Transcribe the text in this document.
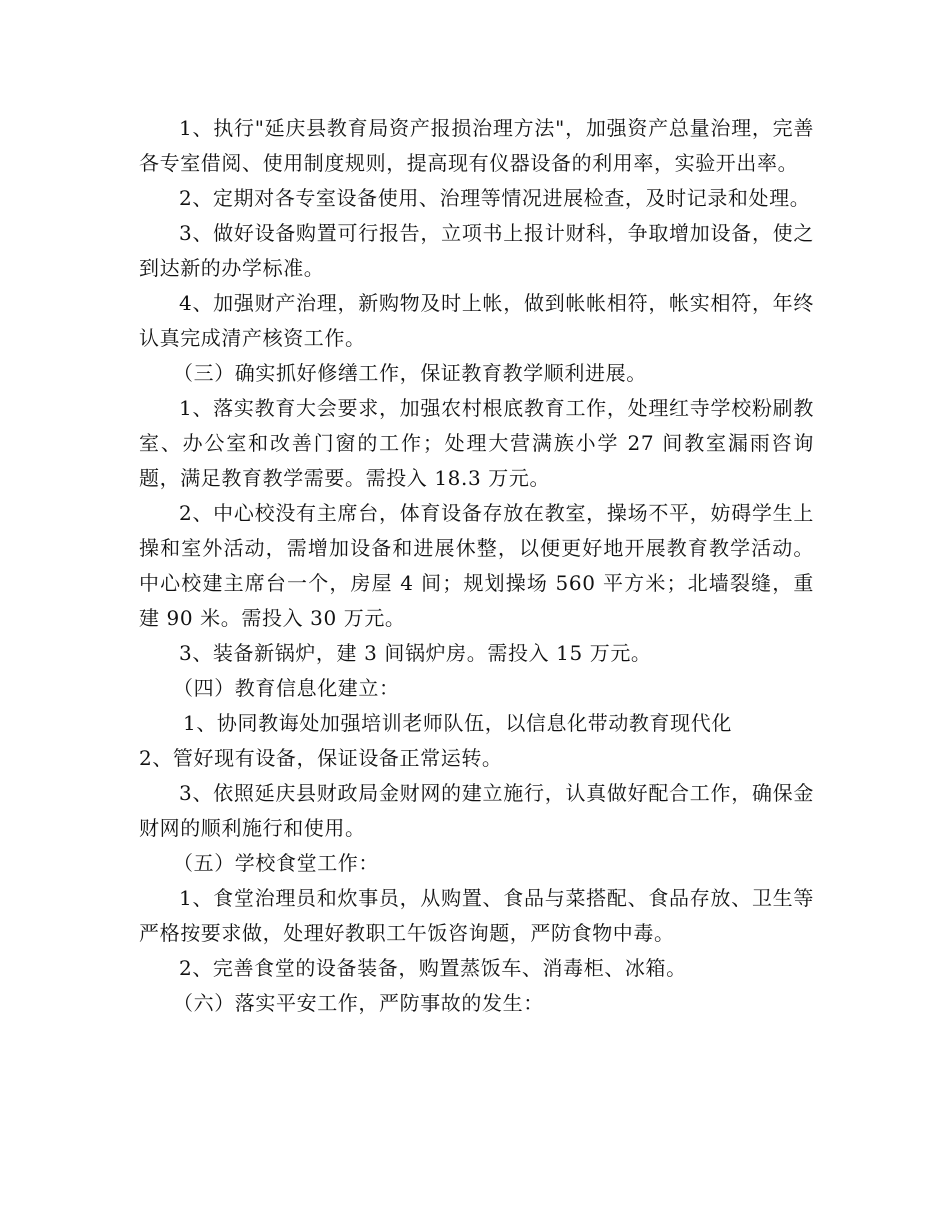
1、执行"延庆县教育局资产报损治理方法"，加强资产总量治理，完善各专室借阅、使用制度规则，提高现有仪器设备的利用率，实验开出率。

2、定期对各专室设备使用、治理等情况进展检查，及时记录和处理。

3、做好设备购置可行报告，立项书上报计财科，争取增加设备，使之到达新的办学标准。

4、加强财产治理，新购物及时上帐，做到帐帐相符，帐实相符，年终认真完成清产核资工作。

（三）确实抓好修缮工作，保证教育教学顺利进展。

1、落实教育大会要求，加强农村根底教育工作，处理红寺学校粉刷教室、办公室和改善门窗的工作；处理大营满族小学 27 间教室漏雨咨询题，满足教育教学需要。需投入 18.3 万元。

2、中心校没有主席台，体育设备存放在教室，操场不平，妨碍学生上操和室外活动，需增加设备和进展休整，以便更好地开展教育教学活动。中心校建主席台一个，房屋 4 间；规划操场 560 平方米；北墙裂缝，重建 90 米。需投入 30 万元。

3、装备新锅炉，建 3 间锅炉房。需投入 15 万元。

（四）教育信息化建立：

1、协同教诲处加强培训老师队伍，以信息化带动教育现代化

2、管好现有设备，保证设备正常运转。

3、依照延庆县财政局金财网的建立施行，认真做好配合工作，确保金财网的顺利施行和使用。

（五）学校食堂工作：

1、食堂治理员和炊事员，从购置、食品与菜搭配、食品存放、卫生等严格按要求做，处理好教职工午饭咨询题，严防食物中毒。

2、完善食堂的设备装备，购置蒸饭车、消毒柜、冰箱。

（六）落实平安工作，严防事故的发生：
